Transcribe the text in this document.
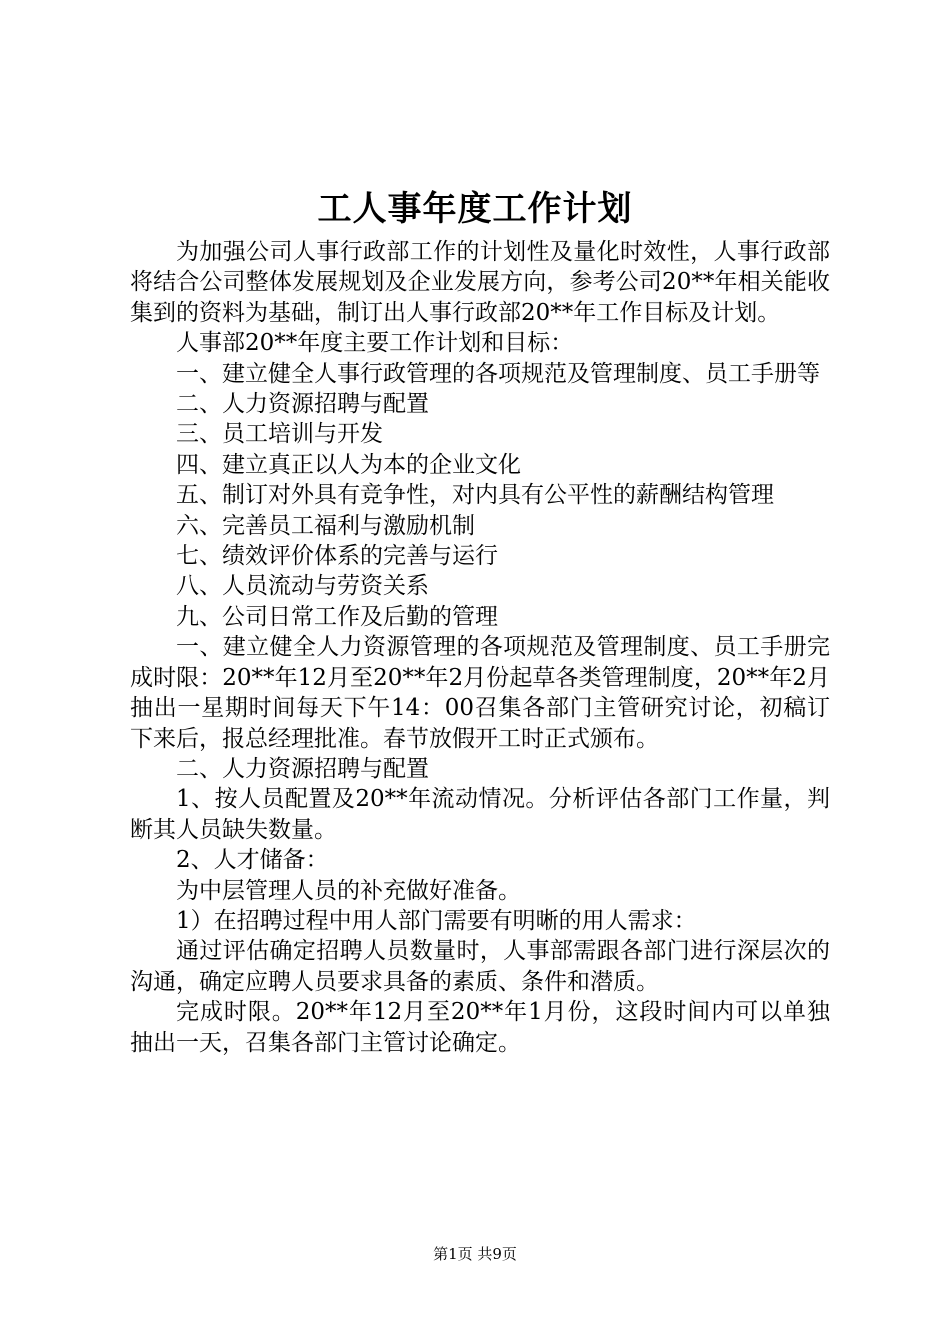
工人事年度工作计划

为加强公司人事行政部工作的计划性及量化时效性，人事行政部将结合公司整体发展规划及企业发展方向，参考公司20**年相关能收集到的资料为基础，制订出人事行政部20**年工作目标及计划。

人事部20**年度主要工作计划和目标：

一、建立健全人事行政管理的各项规范及管理制度、员工手册等

二、人力资源招聘与配置

三、员工培训与开发

四、建立真正以人为本的企业文化

五、制订对外具有竞争性，对内具有公平性的薪酬结构管理

六、完善员工福利与激励机制

七、绩效评价体系的完善与运行

八、人员流动与劳资关系

九、公司日常工作及后勤的管理

一、建立健全人力资源管理的各项规范及管理制度、员工手册完成时限：20**年12月至20**年2月份起草各类管理制度，20**年2月抽出一星期时间每天下午14：00召集各部门主管研究讨论，初稿订下来后，报总经理批准。春节放假开工时正式颁布。

二、人力资源招聘与配置

1、按人员配置及20**年流动情况。分析评估各部门工作量，判断其人员缺失数量。

2、人才储备：

为中层管理人员的补充做好准备。

1）在招聘过程中用人部门需要有明晰的用人需求：

通过评估确定招聘人员数量时，人事部需跟各部门进行深层次的沟通，确定应聘人员要求具备的素质、条件和潜质。

完成时限。20**年12月至20**年1月份，这段时间内可以单独抽出一天，召集各部门主管讨论确定。

第1页 共9页
